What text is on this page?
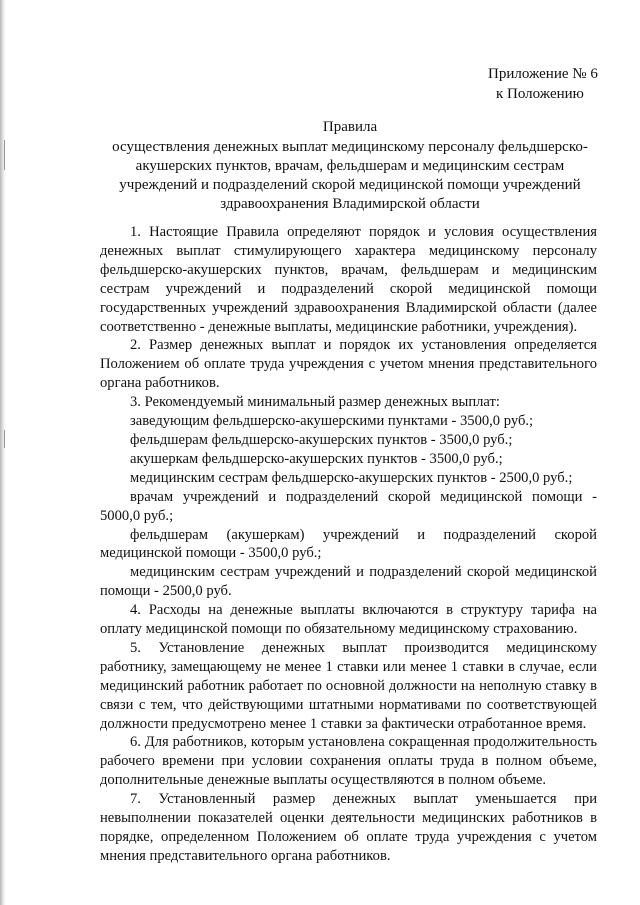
Приложение № 6
к Положению
Правила
осуществления денежных выплат медицинскому персоналу фельдшерско-
акушерских пунктов, врачам, фельдшерам и медицинским сестрам
учреждений и подразделений скорой медицинской помощи учреждений
здравоохранения Владимирской области

1. Настоящие Правила определяют порядок и условия осуществления денежных выплат стимулирующего характера медицинскому персоналу фельдшерско-акушерских пунктов, врачам, фельдшерам и медицинским сестрам учреждений и подразделений скорой медицинской помощи государственных учреждений здравоохранения Владимирской области (далее соответственно - денежные выплаты, медицинские работники, учреждения).

2. Размер денежных выплат и порядок их установления определяется Положением об оплате труда учреждения с учетом мнения представительного органа работников.

3. Рекомендуемый минимальный размер денежных выплат:

заведующим фельдшерско-акушерскими пунктами - 3500,0 руб.;

фельдшерам фельдшерско-акушерских пунктов - 3500,0 руб.;

акушеркам фельдшерско-акушерских пунктов - 3500,0 руб.;

медицинским сестрам фельдшерско-акушерских пунктов - 2500,0 руб.;

врачам учреждений и подразделений скорой медицинской помощи - 5000,0 руб.;

фельдшерам (акушеркам) учреждений и подразделений скорой медицинской помощи - 3500,0 руб.;

медицинским сестрам учреждений и подразделений скорой медицинской помощи - 2500,0 руб.

4. Расходы на денежные выплаты включаются в структуру тарифа на оплату медицинской помощи по обязательному медицинскому страхованию.

5. Установление денежных выплат производится медицинскому работнику, замещающему не менее 1 ставки или менее 1 ставки в случае, если медицинский работник работает по основной должности на неполную ставку в связи с тем, что действующими штатными нормативами по соответствующей должности предусмотрено менее 1 ставки за фактически отработанное время.

6. Для работников, которым установлена сокращенная продолжительность рабочего времени при условии сохранения оплаты труда в полном объеме, дополнительные денежные выплаты осуществляются в полном объеме.

7. Установленный размер денежных выплат уменьшается при невыполнении показателей оценки деятельности медицинских работников в порядке, определенном Положением об оплате труда учреждения с учетом мнения представительного органа работников.
